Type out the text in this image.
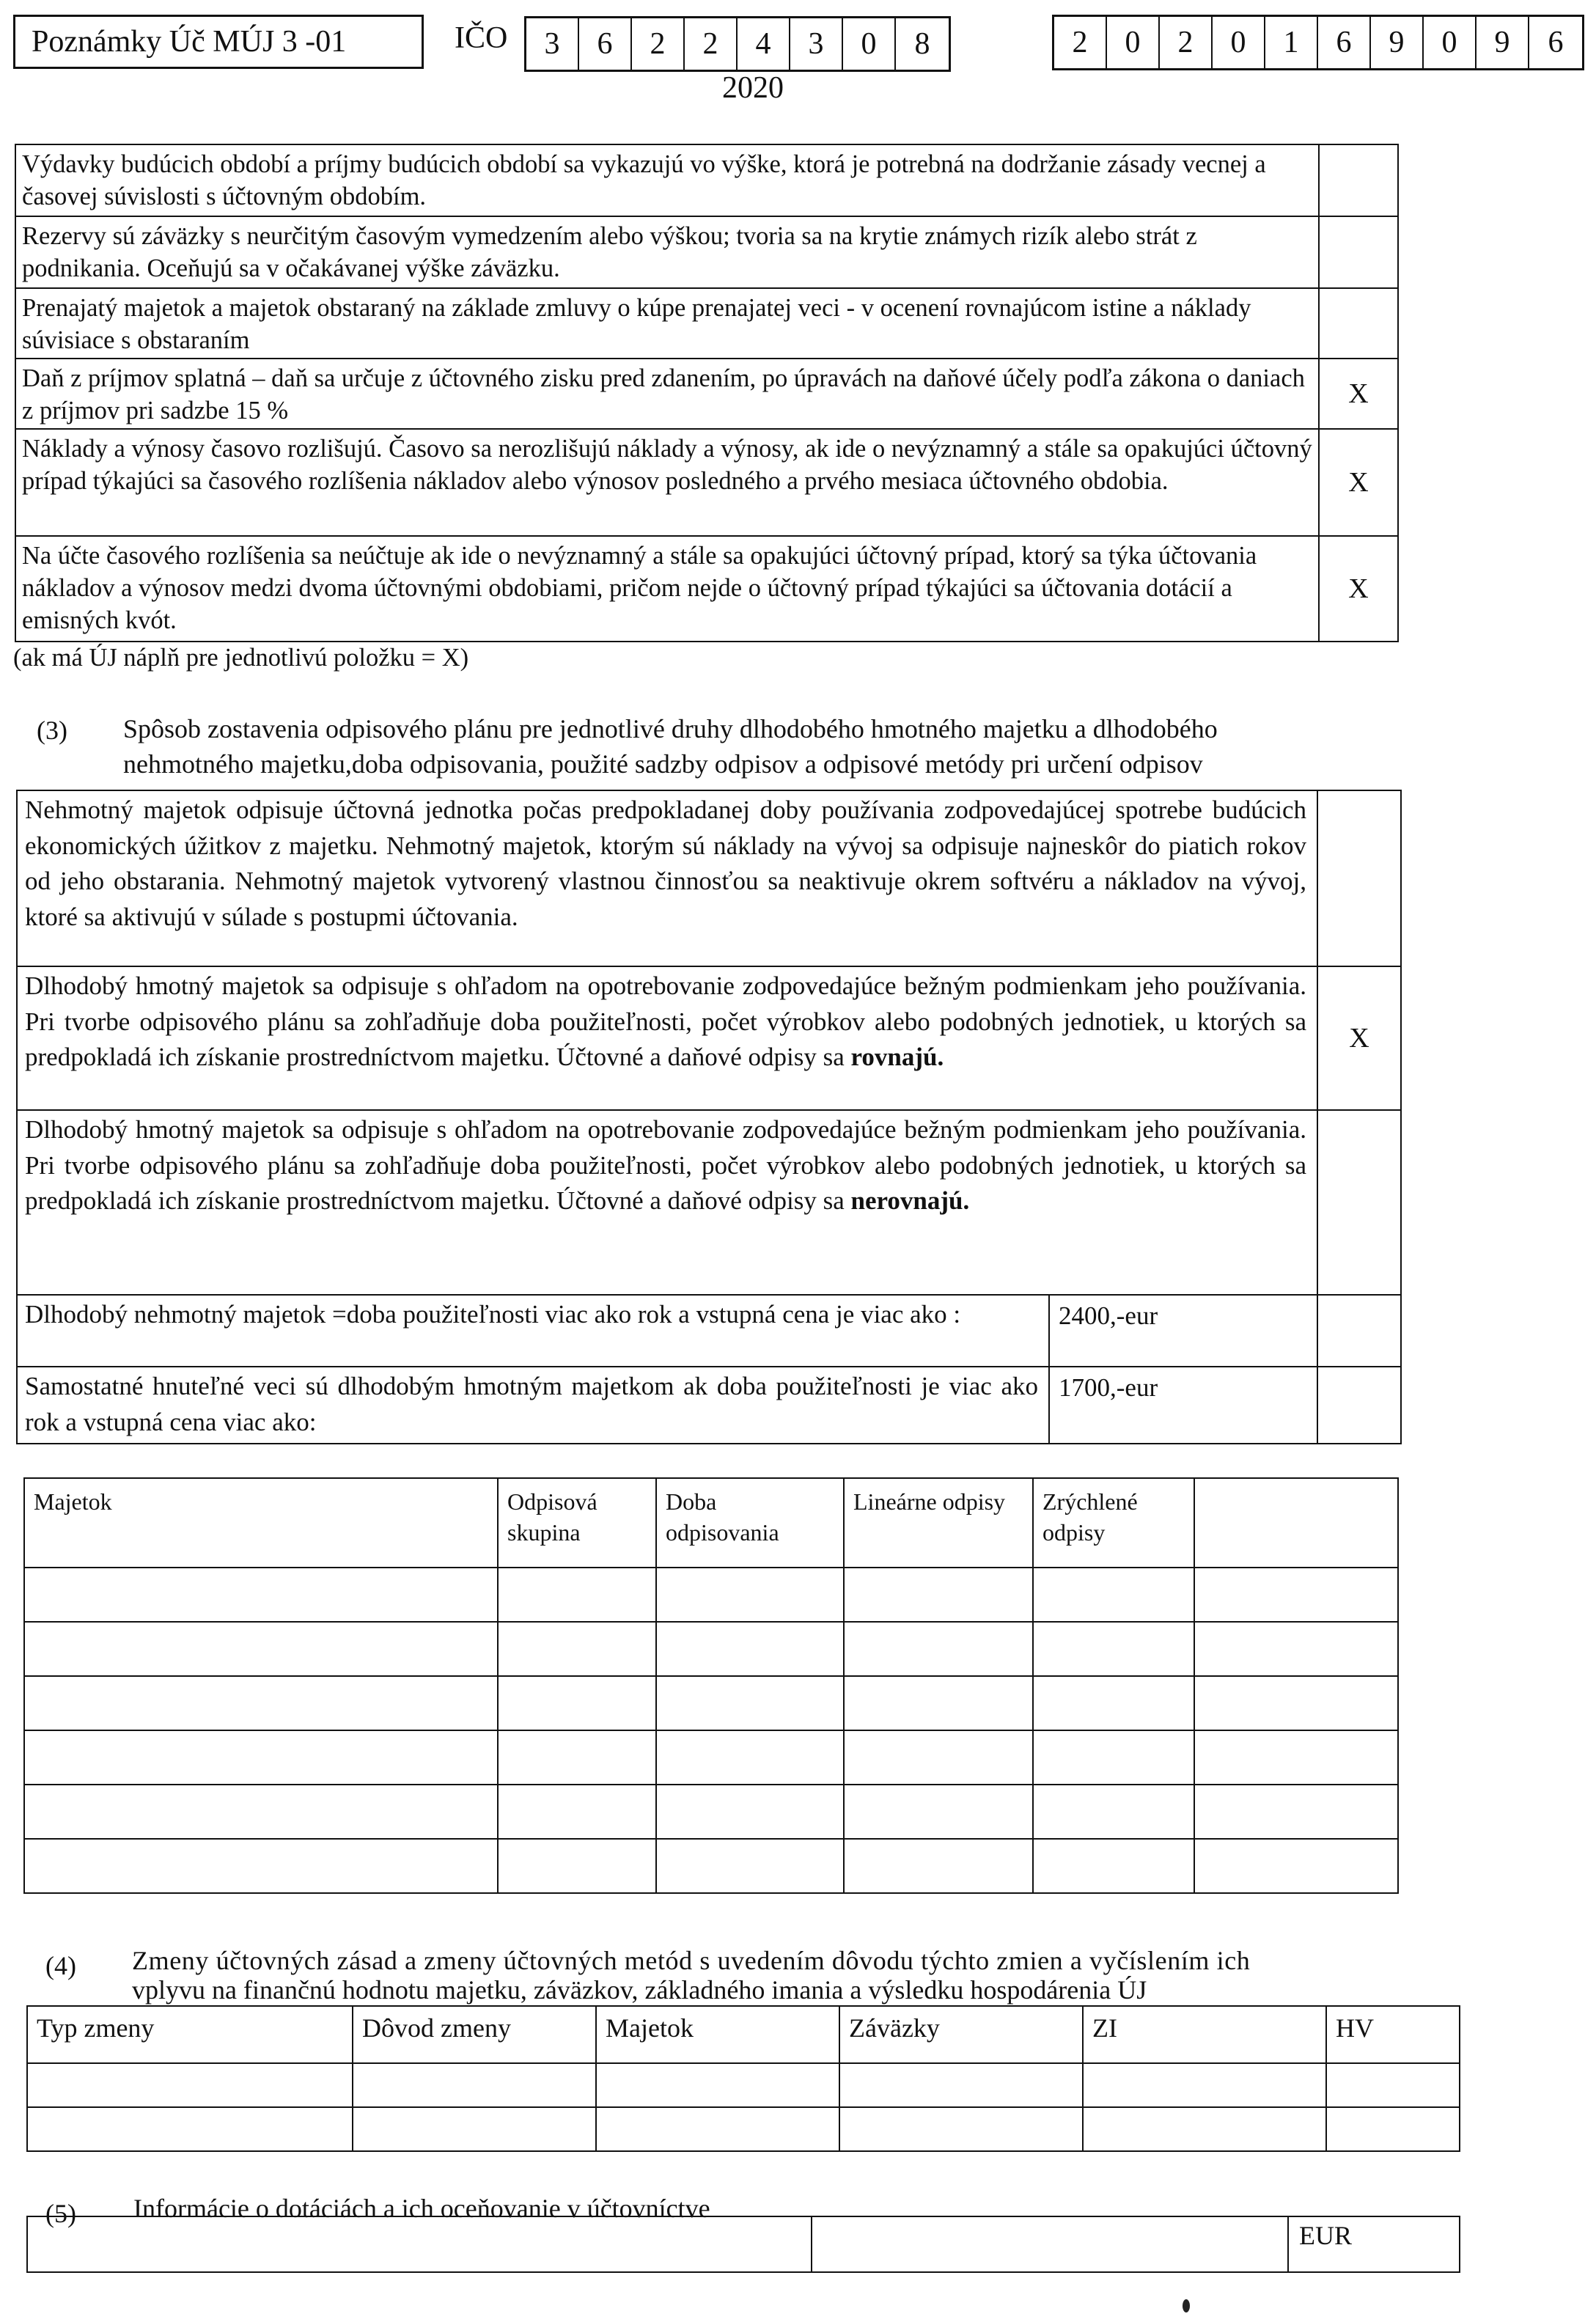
Poznámky Úč MÚJ 3 -01	IČO	3	6	2	2	4	3	0	8	2	0	2	0	1	6	9	0	9	6
2020
Výdavky budúcich období a príjmy budúcich období sa vykazujú vo výške, ktorá je potrebná na dodržanie zásady vecnej a časovej súvislosti s účtovným obdobím.	
Rezervy sú záväzky s neurčitým časovým vymedzením alebo výškou; tvoria sa na krytie známych rizík alebo strát z podnikania. Oceňujú sa v očakávanej výške záväzku.	
Prenajatý majetok a majetok obstaraný na základe zmluvy o kúpe prenajatej veci - v ocenení rovnajúcom istine a náklady súvisiace s obstaraním	
Daň z príjmov splatná – daň sa určuje z účtovného zisku pred zdanením, po úpravách na daňové účely podľa zákona o daniach z príjmov pri sadzbe 15 %	X
Náklady a výnosy časovo rozlišujú. Časovo sa nerozlišujú náklady a výnosy, ak ide o nevýznamný a stále sa opakujúci účtovný prípad týkajúci sa časového rozlíšenia nákladov alebo výnosov posledného a prvého mesiaca účtovného obdobia.	X
Na účte časového rozlíšenia sa neúčtuje ak ide o nevýznamný a stále sa opakujúci účtovný prípad, ktorý sa týka účtovania nákladov a výnosov medzi dvoma účtovnými obdobiami, pričom nejde o účtovný prípad týkajúci sa účtovania dotácií a emisných kvót.	X
(ak má ÚJ náplň pre jednotlivú položku = X)
(3) Spôsob zostavenia odpisového plánu pre jednotlivé druhy dlhodobého hmotného majetku a dlhodobého
nehmotného majetku,doba odpisovania, použité sadzby odpisov a odpisové metódy pri určení odpisov
Nehmotný majetok odpisuje účtovná jednotka počas predpokladanej doby používania zodpovedajúcej spotrebe budúcich ekonomických úžitkov z majetku. Nehmotný majetok, ktorým sú náklady na vývoj sa odpisuje najneskôr do piatich rokov od jeho obstarania. Nehmotný majetok vytvorený vlastnou činnosťou sa neaktivuje okrem softvéru a nákladov na vývoj, ktoré sa aktivujú v súlade s postupmi účtovania.		
Dlhodobý hmotný majetok sa odpisuje s ohľadom na opotrebovanie zodpovedajúce bežným podmienkam jeho používania. Pri tvorbe odpisového plánu sa zohľadňuje doba použiteľnosti, počet výrobkov alebo podobných jednotiek, u ktorých sa predpokladá ich získanie prostredníctvom majetku. Účtovné a daňové odpisy sa rovnajú.		X
Dlhodobý hmotný majetok sa odpisuje s ohľadom na opotrebovanie zodpovedajúce bežným podmienkam jeho používania. Pri tvorbe odpisového plánu sa zohľadňuje doba použiteľnosti, počet výrobkov alebo podobných jednotiek, u ktorých sa predpokladá ich získanie prostredníctvom majetku. Účtovné a daňové odpisy sa nerovnajú.		
Dlhodobý nehmotný majetok =doba použiteľnosti viac ako rok a vstupná cena je viac ako :	2400,-eur	
Samostatné hnuteľné veci sú dlhodobým hmotným majetkom ak doba použiteľnosti je viac ako rok a vstupná cena viac ako:	1700,-eur	
Majetok	Odpisová skupina	Doba odpisovania	Lineárne odpisy	Zrýchlené odpisy	

(4) Zmeny účtovných zásad a zmeny účtovných metód s uvedením dôvodu týchto zmien a vyčíslením ich
vplyvu na finančnú hodnotu majetku, záväzkov, základného imania a výsledku hospodárenia ÚJ
Typ zmeny	Dôvod zmeny	Majetok	Záväzky	ZI	HV

(5) Informácie o dotáciách a ich oceňovanie v účtovníctve
		EUR
